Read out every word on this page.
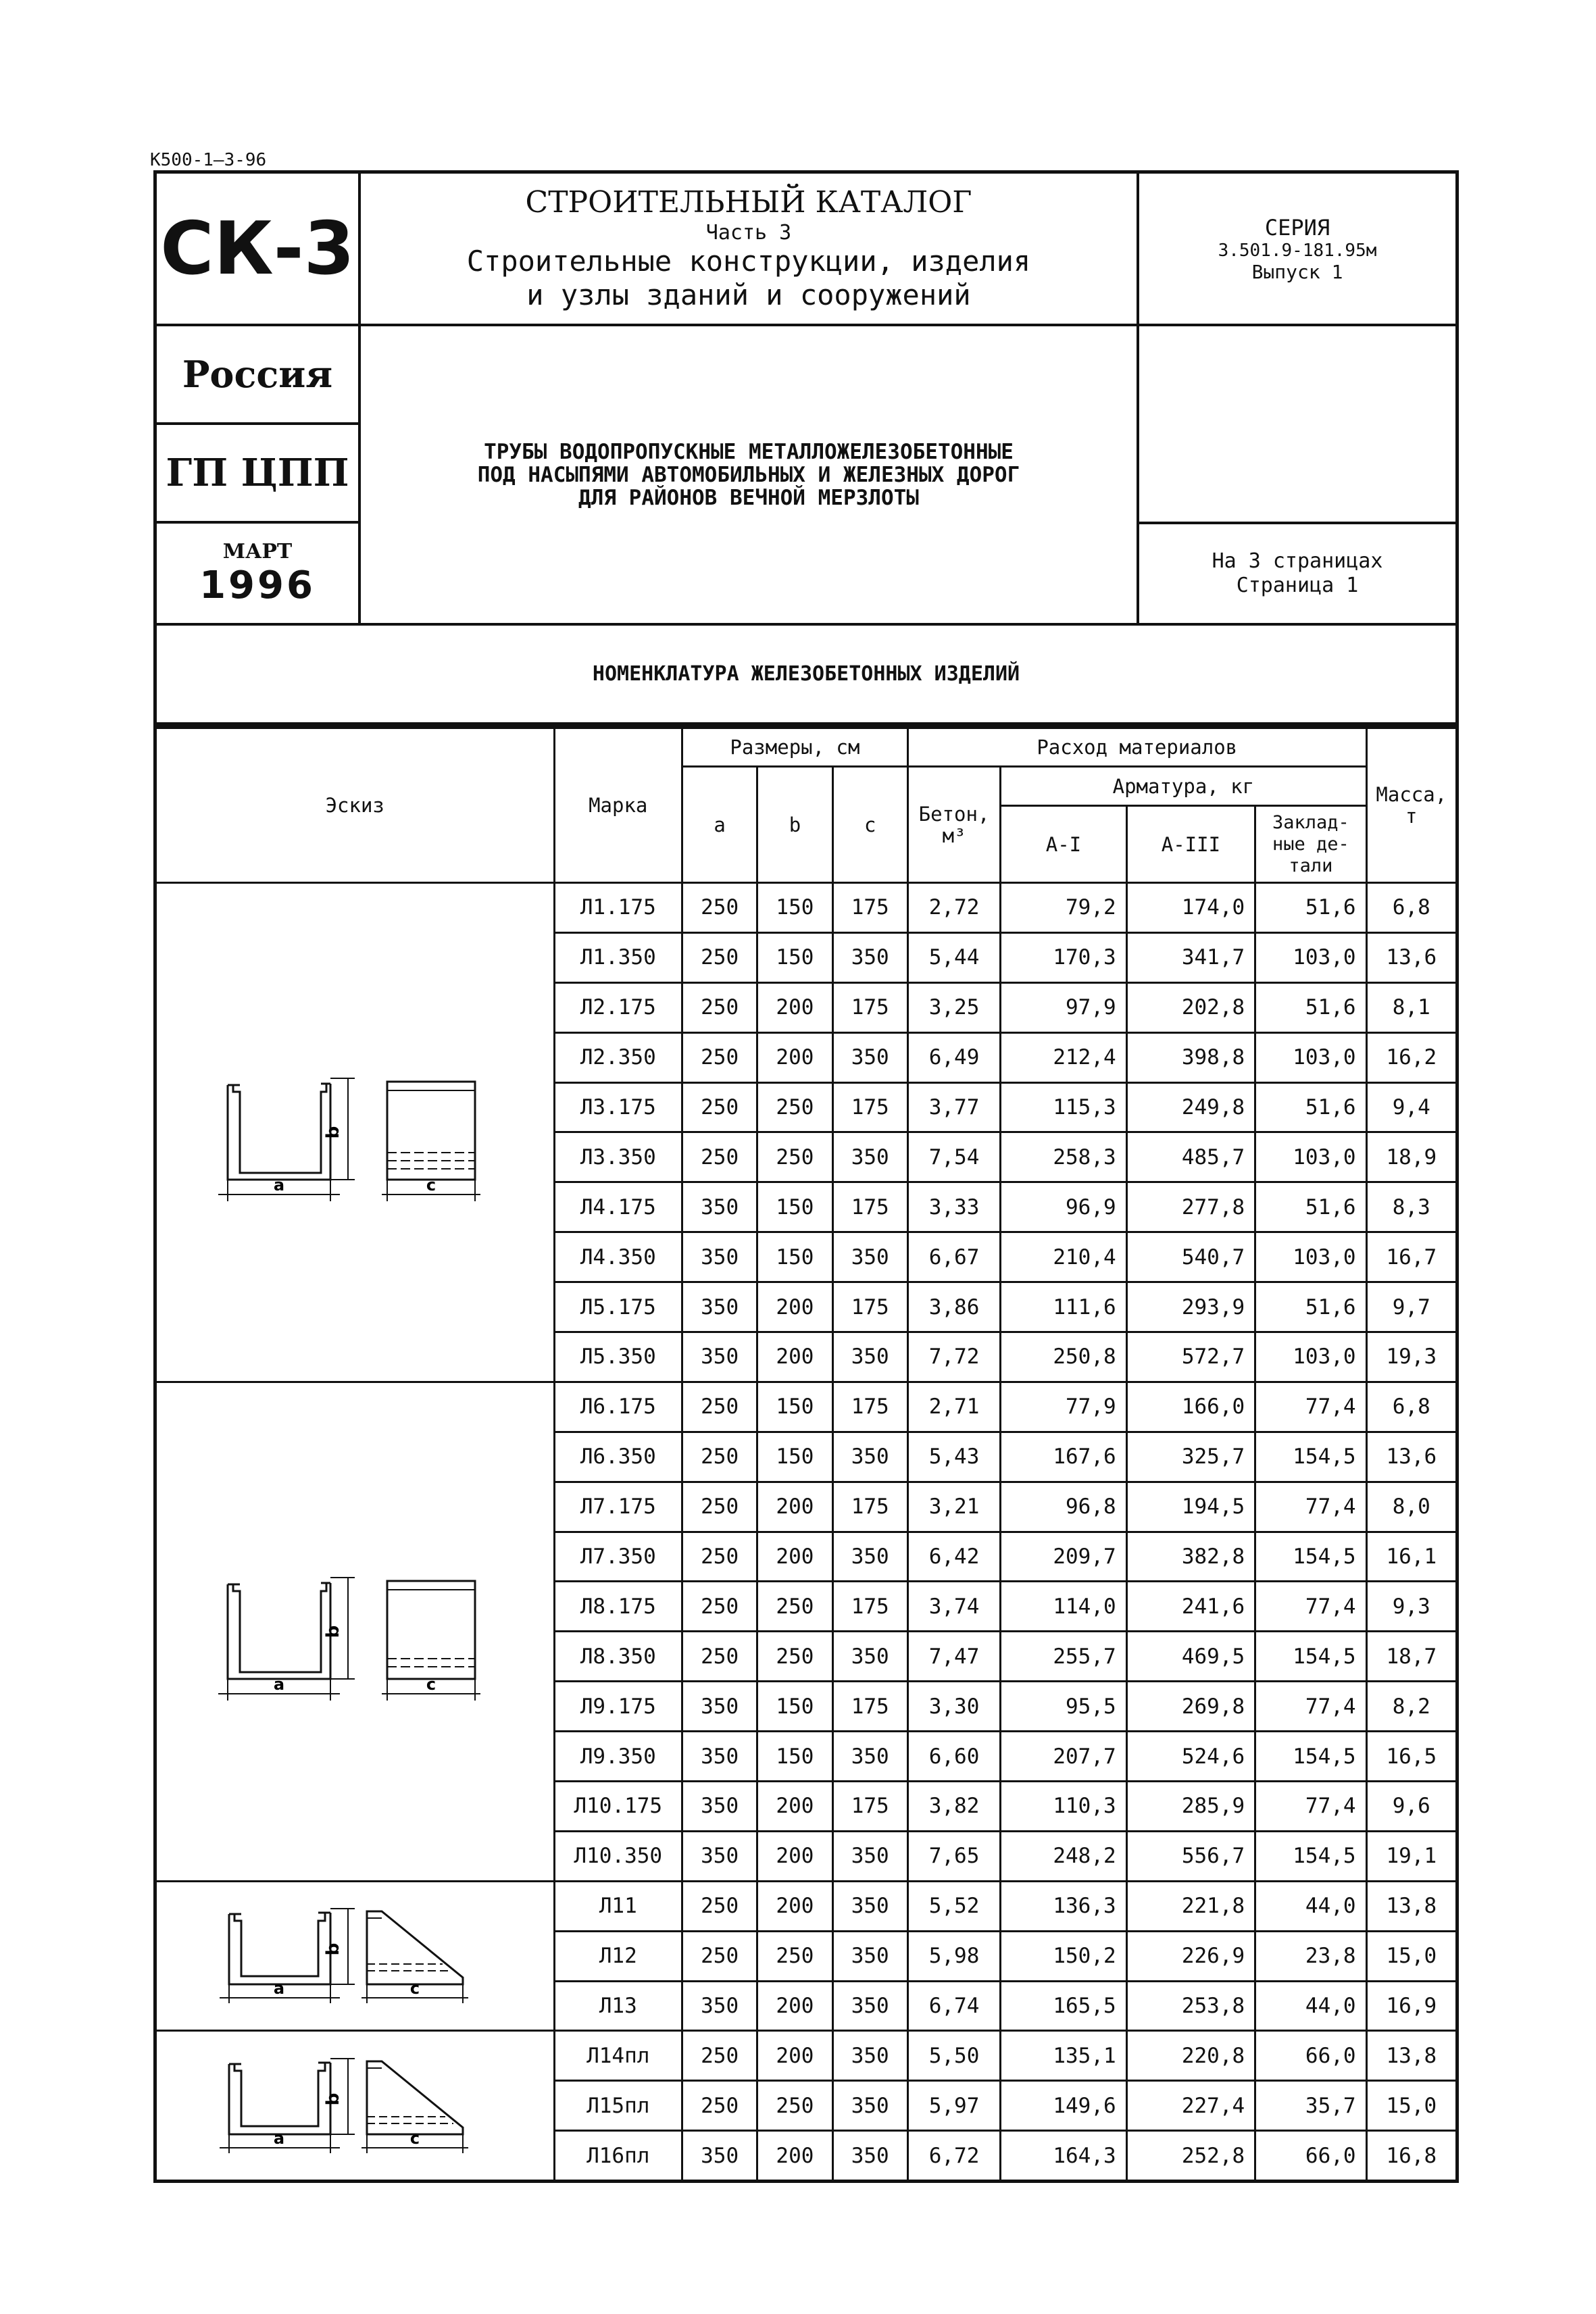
К500-1—3-96
СК-3
Россия
ГП ЦПП
МАРТ
1996
СТРОИТЕЛЬНЫЙ КАТАЛОГ
Часть 3
Строительные конструкции, изделия
и узлы зданий и сооружений
СЕРИЯ
3.501.9-181.95м
Выпуск 1
ТРУБЫ ВОДОПРОПУСКНЫЕ МЕТАЛЛОЖЕЛЕЗОБЕТОННЫЕ
ПОД НАСЫПЯМИ АВТОМОБИЛЬНЫХ И ЖЕЛЕЗНЫХ ДОРОГ
ДЛЯ РАЙОНОВ ВЕЧНОЙ МЕРЗЛОТЫ
На 3 страницах
Страница 1
НОМЕНКЛАТУРА ЖЕЛЕЗОБЕТОННЫХ ИЗДЕЛИЙ
Эскиз	Марка	Размеры, см			Расход материалов				Масса, т
		a	b	c	Бетон, м³	Арматура, кг			
						А-I	А-III	Заклад-ные де-тали	

b
a c	Л1.175	250	150	175	2,72	79,2	174,0	51,6	6,8
	Л1.350	250	150	350	5,44	170,3	341,7	103,0	13,6
	Л2.175	250	200	175	3,25	97,9	202,8	51,6	8,1
	Л2.350	250	200	350	6,49	212,4	398,8	103,0	16,2
	Л3.175	250	250	175	3,77	115,3	249,8	51,6	9,4
	Л3.350	250	250	350	7,54	258,3	485,7	103,0	18,9
	Л4.175	350	150	175	3,33	96,9	277,8	51,6	8,3
	Л4.350	350	150	350	6,67	210,4	540,7	103,0	16,7
	Л5.175	350	200	175	3,86	111,6	293,9	51,6	9,7
	Л5.350	350	200	350	7,72	250,8	572,7	103,0	19,3

b
a c	Л6.175	250	150	175	2,71	77,9	166,0	77,4	6,8
	Л6.350	250	150	350	5,43	167,6	325,7	154,5	13,6
	Л7.175	250	200	175	3,21	96,8	194,5	77,4	8,0
	Л7.350	250	200	350	6,42	209,7	382,8	154,5	16,1
	Л8.175	250	250	175	3,74	114,0	241,6	77,4	9,3
	Л8.350	250	250	350	7,47	255,7	469,5	154,5	18,7
	Л9.175	350	150	175	3,30	95,5	269,8	77,4	8,2
	Л9.350	350	150	350	6,60	207,7	524,6	154,5	16,5
	Л10.175	350	200	175	3,82	110,3	285,9	77,4	9,6
	Л10.350	350	200	350	7,65	248,2	556,7	154,5	19,1

b
a c	Л11	250	200	350	5,52	136,3	221,8	44,0	13,8
	Л12	250	250	350	5,98	150,2	226,9	23,8	15,0
	Л13	350	200	350	6,74	165,5	253,8	44,0	16,9

b
a c	Л14пл	250	200	350	5,50	135,1	220,8	66,0	13,8
	Л15пл	250	250	350	5,97	149,6	227,4	35,7	15,0
	Л16пл	350	200	350	6,72	164,3	252,8	66,0	16,8
